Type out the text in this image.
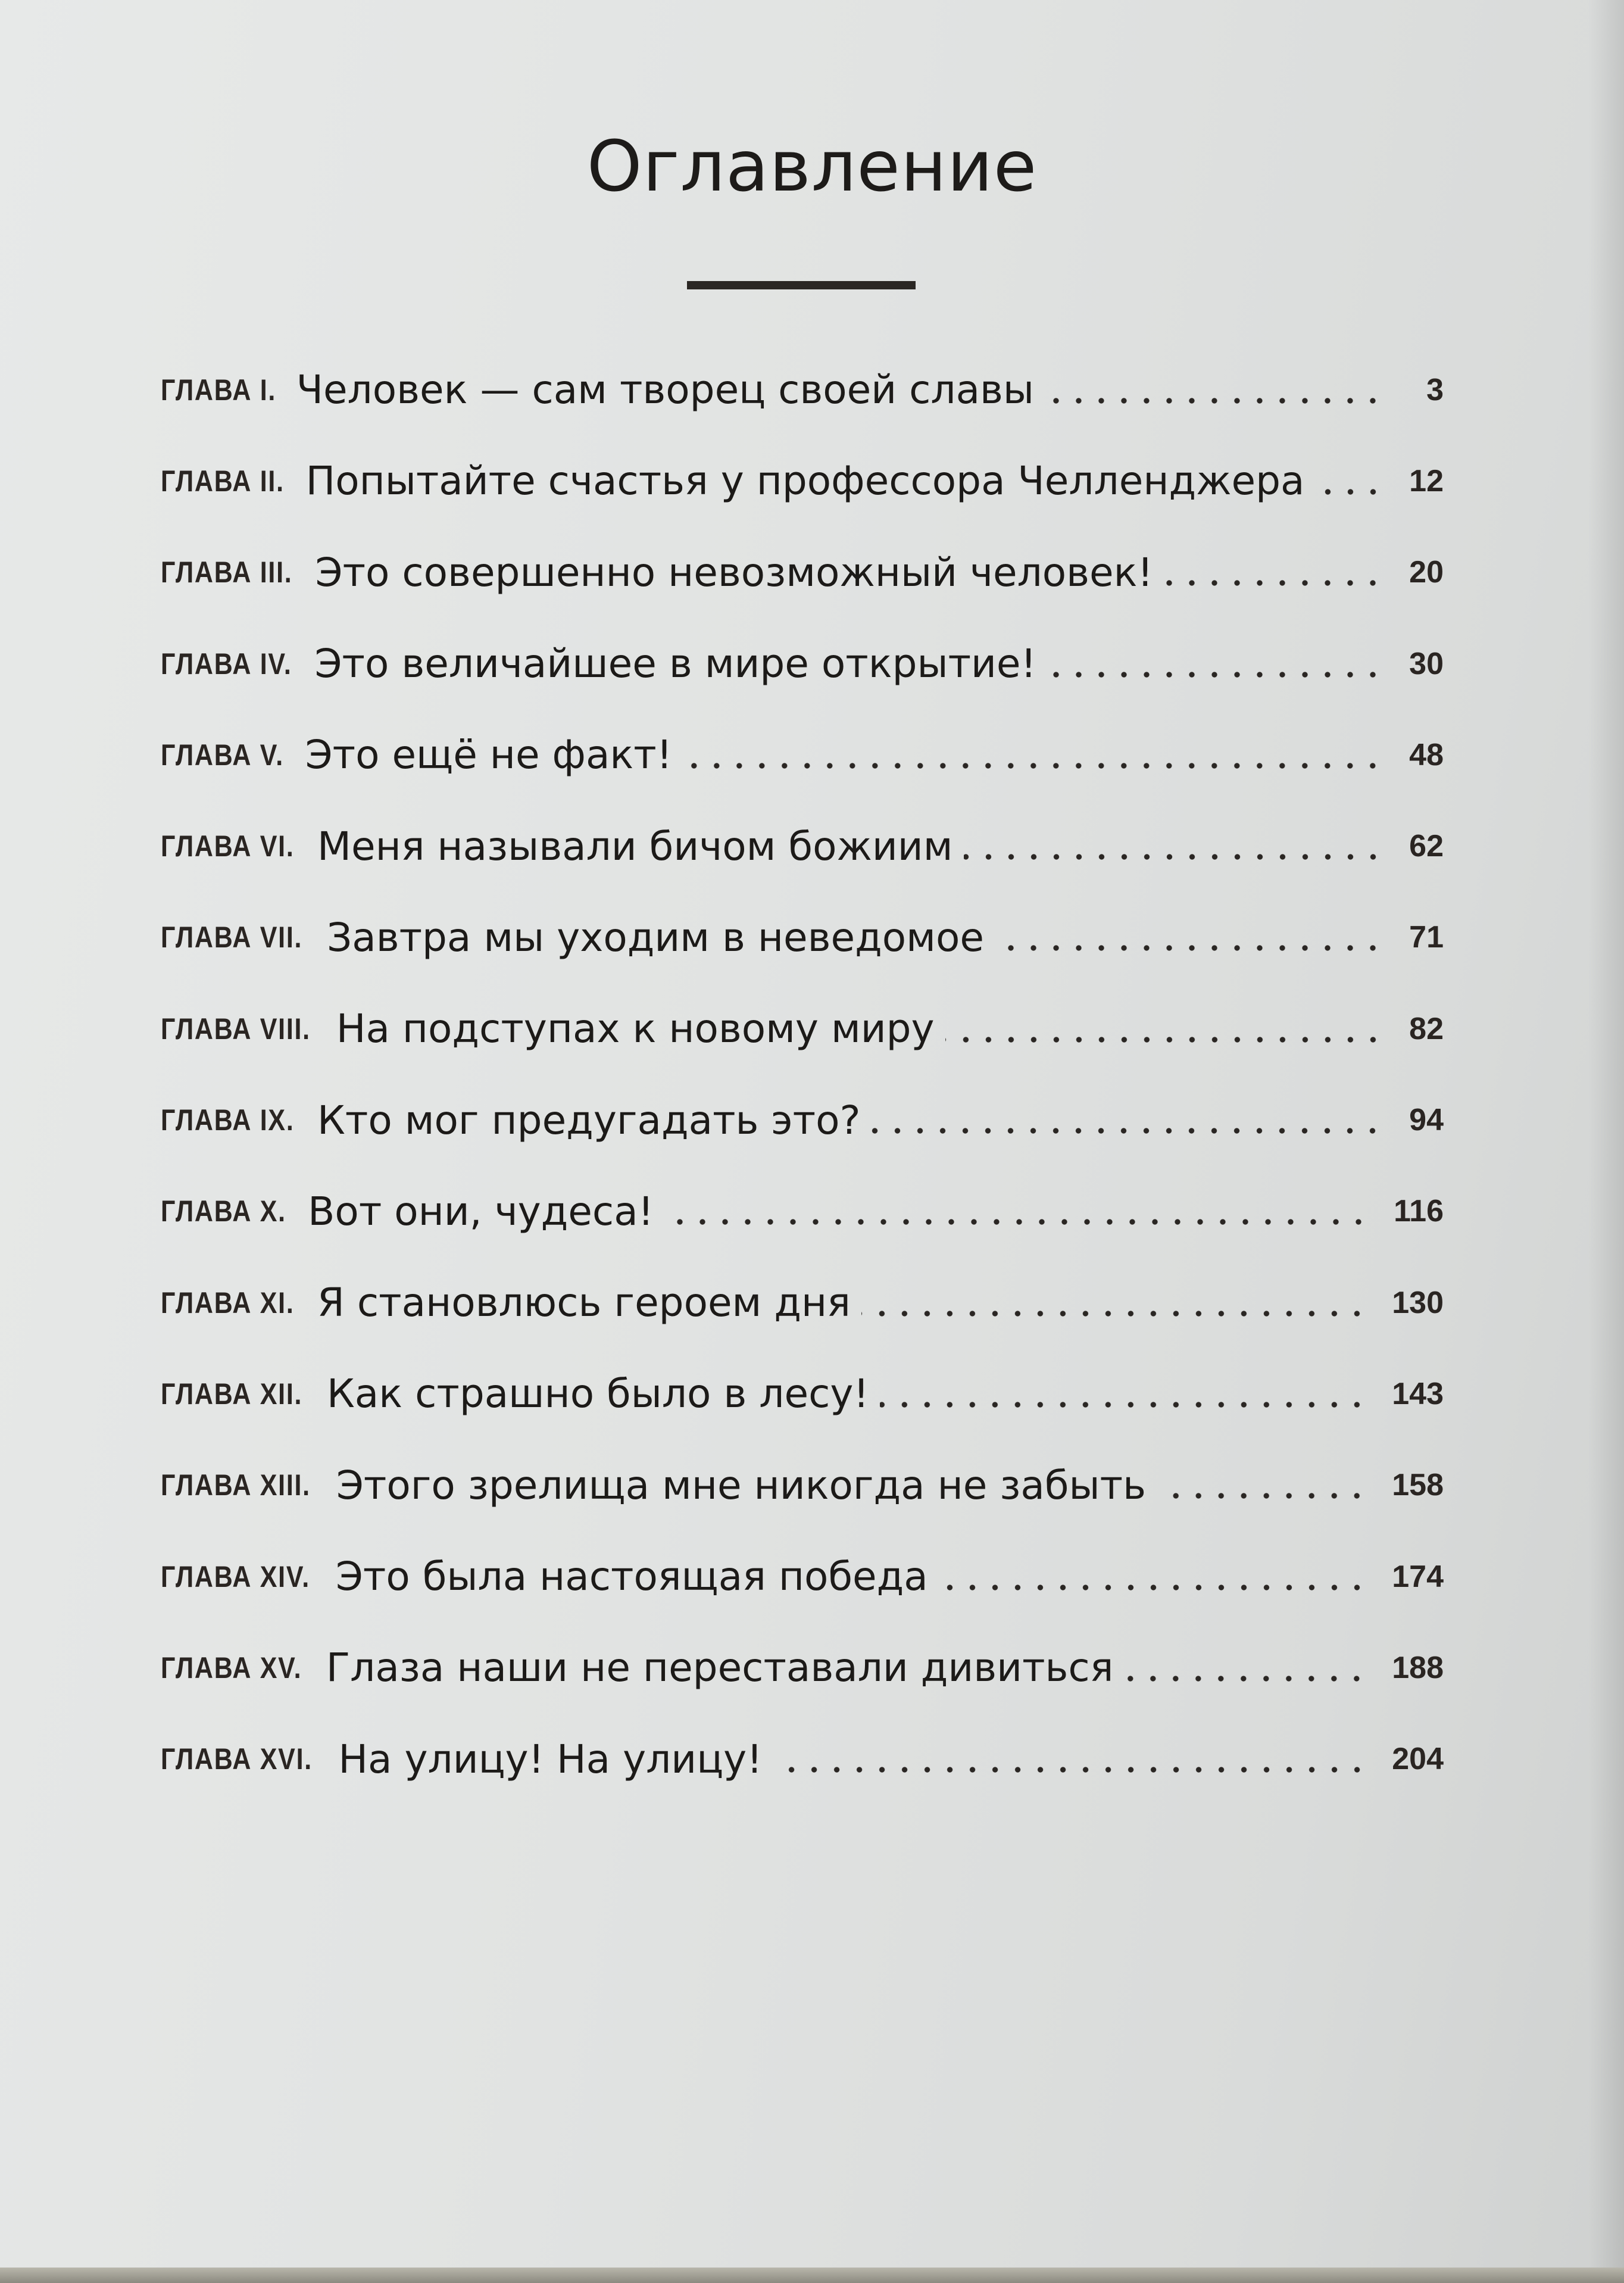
Оглавление
ГЛАВА I. Человек — сам творец своей славы	3
ГЛАВА II. Попытайте счастья у профессора Челленджера	12
ГЛАВА III. Это совершенно невозможный человек!	20
ГЛАВА IV. Это величайшее в мире открытие!	30
ГЛАВА V. Это ещё не факт!	48
ГЛАВА VI. Меня называли бичом божиим	62
ГЛАВА VII. Завтра мы уходим в неведомое	71
ГЛАВА VIII. На подступах к новому миру	82
ГЛАВА IX. Кто мог предугадать это?	94
ГЛАВА X. Вот они, чудеса!	116
ГЛАВА XI. Я становлюсь героем дня	130
ГЛАВА XII. Как страшно было в лесу!	143
ГЛАВА XIII. Этого зрелища мне никогда не забыть	158
ГЛАВА XIV. Это была настоящая победа	174
ГЛАВА XV. Глаза наши не переставали дивиться	188
ГЛАВА XVI. На улицу! На улицу!	204
